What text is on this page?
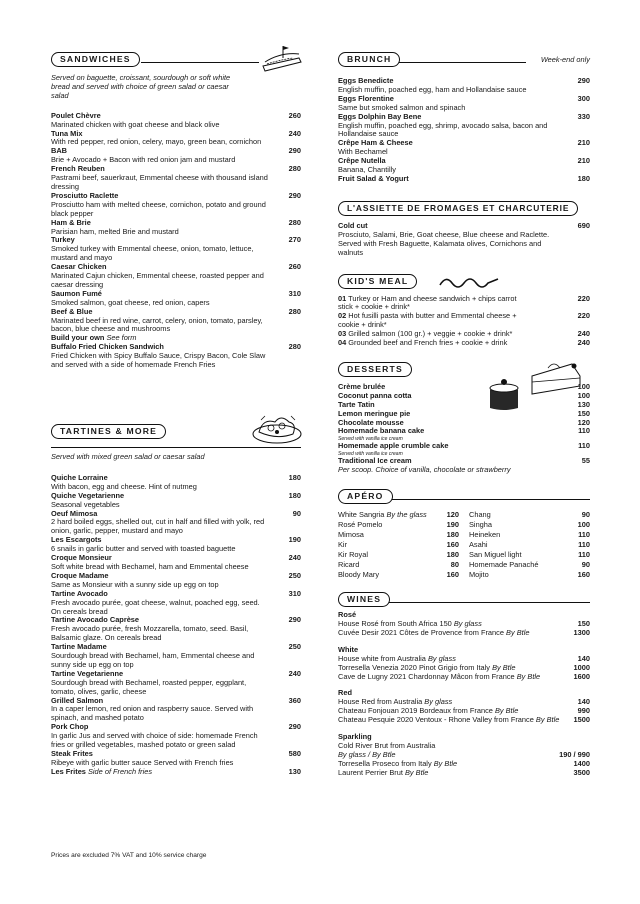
SANDWICHES
Served on baguette, croissant, sourdough or soft white bread and served with choice of green salad or caesar salad
Poulet Chèvre	260
Marinated chicken with goat cheese and black olive
Tuna Mix	240
With red pepper, red onion, celery, mayo, green bean, cornichon
BAB	290
Brie + Avocado + Bacon with red onion jam and mustard
French Reuben	280
Pastrami beef, sauerkraut, Emmental cheese with thousand island dressing
Prosciutto Raclette	290
Prosciutto ham with melted cheese, cornichon, potato and ground black pepper
Ham & Brie	280
Parisian ham, melted Brie and mustard
Turkey	270
Smoked turkey with Emmental cheese, onion, tomato, lettuce, mustard and mayo
Caesar Chicken	260
Marinated Cajun chicken, Emmental cheese, roasted pepper and caesar dressing
Saumon Fumé	310
Smoked salmon, goat cheese, red onion, capers
Beef & Blue	280
Marinated beef in red wine, carrot, celery, onion, tomato, parsley, bacon, blue cheese and mushrooms
Build your own See form
Buffalo Fried Chicken Sandwich	280
Fried Chicken with Spicy Buffalo Sauce, Crispy Bacon, Cole Slaw and served with a side of homemade French Fries
TARTINES & MORE
Served with mixed green salad or caesar salad
Quiche Lorraine	180
With bacon, egg and cheese. Hint of nutmeg
Quiche Vegetarienne	180
Seasonal vegetables
Oeuf Mimosa	90
2 hard boiled eggs, shelled out, cut in half and filled with yolk, red onion, garlic, pepper, mustard and mayo
Les Escargots	190
6 snails in garlic butter and served with toasted baguette
Croque Monsieur	240
Soft white bread with Bechamel, ham and Emmental cheese
Croque Madame	250
Same as Monsieur with a sunny side up egg on top
Tartine Avocado	310
Fresh avocado purée, goat cheese, walnut, poached egg, seed. On cereals bread
Tartine Avocado Caprèse	290
Fresh avocado purée, fresh Mozzarella, tomato, seed. Basil, Balsamic glaze. On cereals bread
Tartine Madame	250
Sourdough bread with Bechamel, ham, Emmental cheese and sunny side up egg on top
Tartine Vegetarienne	240
Sourdough bread with Bechamel, roasted pepper, eggplant, tomato, olives, garlic, cheese
Grilled Salmon	360
In a caper lemon, red onion and raspberry sauce. Served with spinach, and mashed potato
Pork Chop	290
In garlic Jus and served with choice of side: homemade French fries or grilled vegetables, mashed potato or green salad
Steak Frites	580
Ribeye with garlic butter sauce Served with French fries
Les Frites Side of French fries	130
Prices are excluded 7% VAT and 10% service charge
BRUNCH	Week-end only
Eggs Benedicte	290
English muffin, poached egg, ham and Hollandaise sauce
Eggs Florentine	300
Same but smoked salmon and spinach
Eggs Dolphin Bay Bene	330
English muffin, poached egg, shrimp, avocado salsa, bacon and Hollandaise sauce
Crêpe Ham & Cheese	210
With Bechamel
Crêpe Nutella	210
Banana, Chantilly
Fruit Salad & Yogurt	180
L'ASSIETTE DE FROMAGES ET CHARCUTERIE
Cold cut	690
Prosciuto, Salami, Brie, Goat cheese, Blue cheese and Raclette. Served with Fresh Baguette, Kalamata olives, Cornichons and walnuts
KID'S MEAL
01 Turkey or Ham and cheese sandwich + chips carrot stick + cookie + drink*
220
02 Hot fusilli pasta with butter and Emmental cheese + cookie + drink*
220
03 Grilled salmon (100 gr.) + veggie + cookie + drink*	240
04 Grounded beef and French fries + cookie + drink	240
DESSERTS
Crème brulée	100
Coconut panna cotta	100
Tarte Tatin	130
Lemon meringue pie	150
Chocolate mousse	120
Homemade banana cake	110
Served with vanilla ice cream
Homemade apple crumble cake	110
Served with vanilla ice cream
Traditional Ice cream	55
Per scoop. Choice of vanilla, chocolate or strawberry
APÉRO
White Sangria By the glass	120
Rosé Pomelo	190
Mimosa	180
Kir	160
Kir Royal	180
Ricard	80
Bloody Mary	160
Chang	90
Singha	100
Heineken	110
Asahi	110
San Miguel light	110
Homemade Panaché	90
Mojito	160
WINES
Rosé
House Rosé from South Africa 150 By glass	150
Cuvée Desir 2021 Côtes de Provence from France By Btle	1300
White
House white from Australia By glass	140
Torresella Venezia 2020 Pinot Grigio from Italy By Btle	1000
Cave de Lugny 2021 Chardonnay Mâcon from France By Btle	1600
Red
House Red from Australia By glass	140
Chateau Fonjouan 2019 Bordeaux from France By Btle	990
Chateau Pesquie 2020 Ventoux - Rhone Valley from France By Btle	1500
Sparkling
Cold River Brut from Australia
By glass / By Btle	190 / 990
Torresella Proseco from Italy By Btle	1400
Laurent Perrier Brut By Btle	3500
